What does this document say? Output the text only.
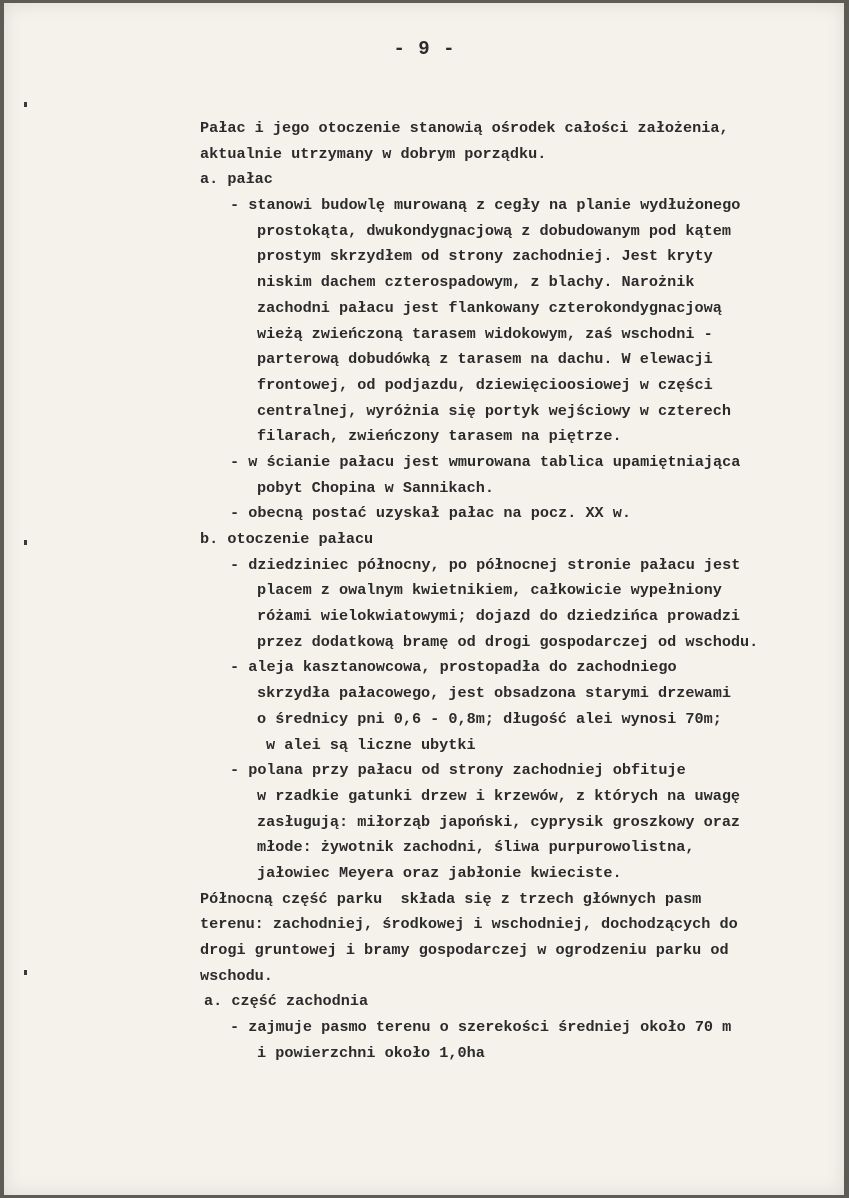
- 9 -
Pałac i jego otoczenie stanowią ośrodek całości założenia,
aktualnie utrzymany w dobrym porządku.
a. pałac
- stanowi budowlę murowaną z cegły na planie wydłużonego
prostokąta, dwukondygnacjową z dobudowanym pod kątem
prostym skrzydłem od strony zachodniej. Jest kryty
niskim dachem czterospadowym, z blachy. Narożnik
zachodni pałacu jest flankowany czterokondygnacjową
wieżą zwieńczoną tarasem widokowym, zaś wschodni -
parterową dobudówką z tarasem na dachu. W elewacji
frontowej, od podjazdu, dziewięcioosiowej w części
centralnej, wyróżnia się portyk wejściowy w czterech
filarach, zwieńczony tarasem na piętrze.
- w ścianie pałacu jest wmurowana tablica upamiętniająca
pobyt Chopina w Sannikach.
- obecną postać uzyskał pałac na pocz. XX w.
b. otoczenie pałacu
- dziedziniec północny, po północnej stronie pałacu jest
placem z owalnym kwietnikiem, całkowicie wypełniony
różami wielokwiatowymi; dojazd do dziedzińca prowadzi
przez dodatkową bramę od drogi gospodarczej od wschodu.
- aleja kasztanowcowa, prostopadła do zachodniego
skrzydła pałacowego, jest obsadzona starymi drzewami
o średnicy pni 0,6 - 0,8m; długość alei wynosi 70m;
w alei są liczne ubytki
- polana przy pałacu od strony zachodniej obfituje
w rzadkie gatunki drzew i krzewów, z których na uwagę
zasługują: miłorząb japoński, cyprysik groszkowy oraz
młode: żywotnik zachodni, śliwa purpurowolistna,
jałowiec Meyera oraz jabłonie kwieciste.
Północną część parku  składa się z trzech głównych pasm
terenu: zachodniej, środkowej i wschodniej, dochodzących do
drogi gruntowej i bramy gospodarczej w ogrodzeniu parku od
wschodu.
a. część zachodnia
- zajmuje pasmo terenu o szerekości średniej około 70 m
i powierzchni około 1,0ha
